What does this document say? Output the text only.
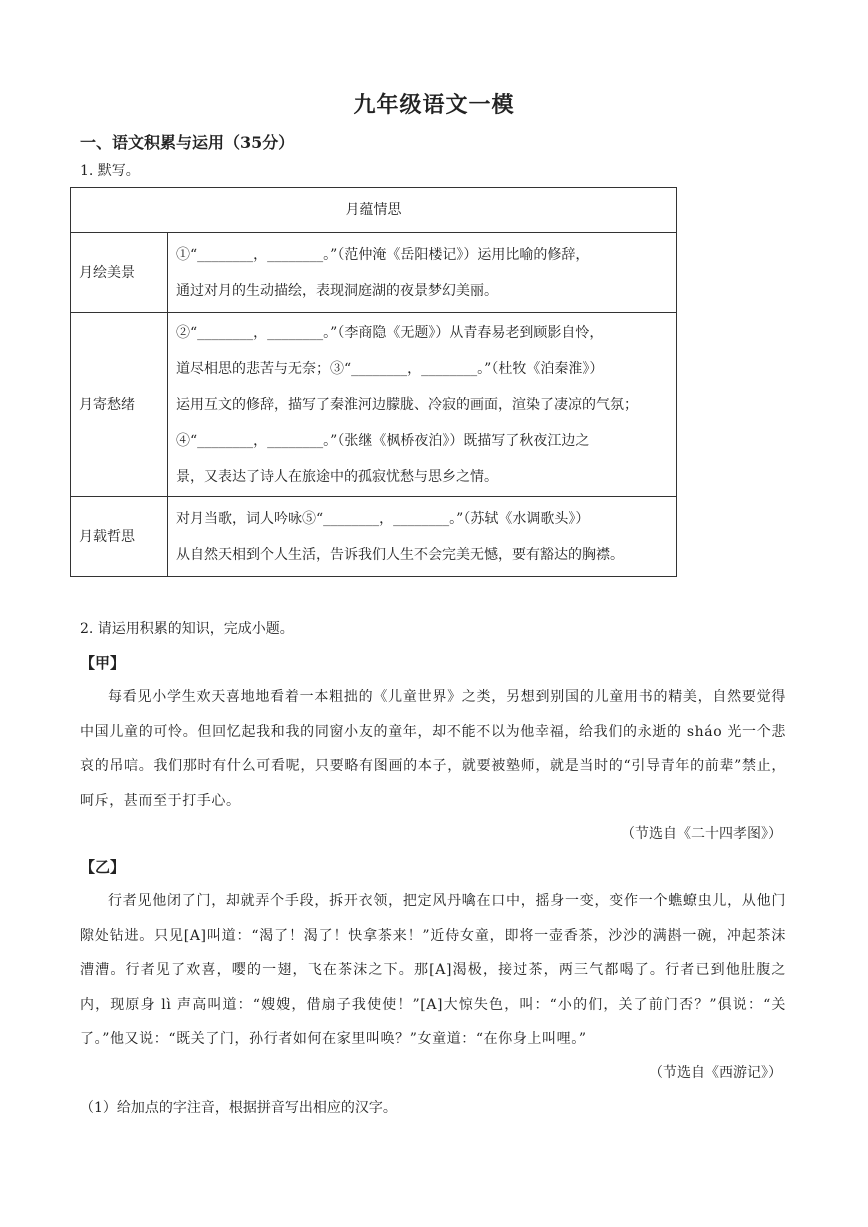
九年级语文一模
一、语文积累与运用（35分）
1. 默写。
月蕴情思	
月绘美景	①“________，________。”（范仲淹《岳阳楼记》）运用比喻的修辞，
通过对月的生动描绘，表现洞庭湖的夜景梦幻美丽。

月寄愁绪	②“________，________。”（李商隐《无题》）从青春易老到顾影自怜，
道尽相思的悲苦与无奈；③“________，________。”（杜牧《泊秦淮》）
运用互文的修辞，描写了秦淮河边朦胧、冷寂的画面，渲染了凄凉的气氛；
④“________，________。”（张继《枫桥夜泊》）既描写了秋夜江边之
景，又表达了诗人在旅途中的孤寂忧愁与思乡之情。

月载哲思	对月当歌，词人吟咏⑤“________，________。”（苏轼《水调歌头》）
从自然天相到个人生活，告诉我们人生不会完美无憾，要有豁达的胸襟。
2. 请运用积累的知识，完成小题。
【甲】
每看见小学生欢天喜地地看着一本粗拙的《儿童世界》之类，另想到别国的儿童用书的精美，自然要觉得中国儿童的可怜。但回忆起我和我的同窗小友的童年，却不能不以为他幸福，给我们的永逝的 sháo 光一个悲哀的吊唁。我们那时有什么可看呢，只要略有图画的本子，就要被塾师，就是当时的“引导青年的前辈”禁止，呵斥，甚而至于打手心。
（节选自《二十四孝图》）
【乙】
行者见他闭了门，却就弄个手段，拆开衣领，把定风丹噙在口中，摇身一变，变作一个蟭蟟虫儿，从他门隙处钻进。只见[A]叫道：“渴了！渴了！快拿茶来！”近侍女童，即将一壶香茶，沙沙的满斟一碗，冲起茶沫漕漕。行者见了欢喜，嘤的一翅，飞在茶沫之下。那[A]渴极，接过茶，两三气都喝了。行者已到他肚腹之内，现原身 lì 声高叫道：“嫂嫂，借扇子我使使！”[A]大惊失色，叫：“小的们，关了前门否？”俱说：“关了。”他又说：“既关了门，孙行者如何在家里叫唤？”女童道：“在你身上叫哩。”
（节选自《西游记》）
（1）给加点的字注音，根据拼音写出相应的汉字。
